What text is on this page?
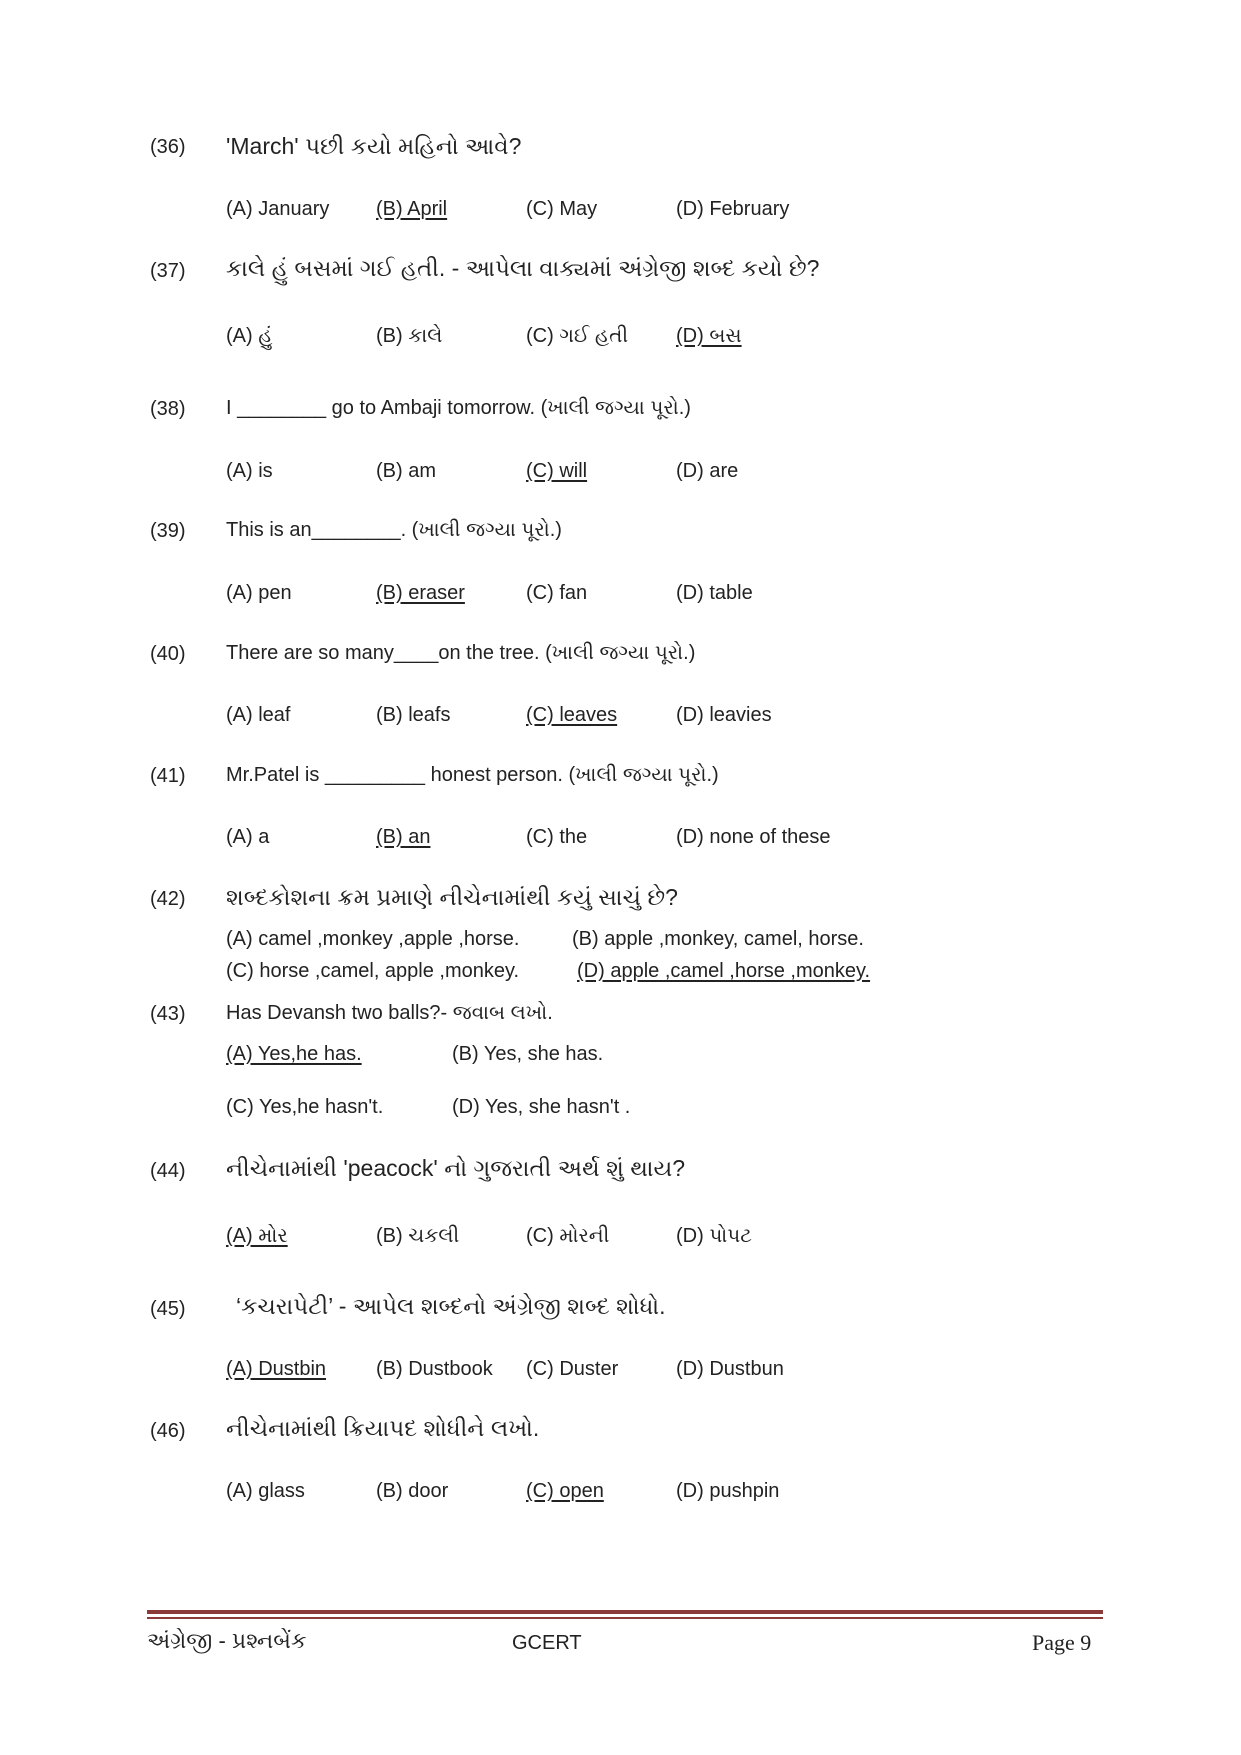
(36) 'March' પછી કયો મહિનો આવે?
(A) January (B) April	(C) May	(D) February
(37) કાલે હું બસમાં ગઈ હતી. - આપેલા વાક્યમાં અંગ્રેજી શબ્દ કયો છે?
(A) હું	(B) કાલે	(C) ગઈ હતી (D) બસ
(38) I ________ go to Ambaji tomorrow. (ખાલી જગ્યા પૂરો.)
(A) is	(B) am	(C) will	(D) are
(39) This is an________. (ખાલી જગ્યા પૂરો.)
(A) pen	(B) eraser	(C) fan	(D) table
(40) There are so many____on the tree. (ખાલી જગ્યા પૂરો.)
(A) leaf	(B) leafs	(C) leaves	(D) leavies
(41) Mr.Patel is _________ honest person. (ખાલી જગ્યા પૂરો.)
(A) a	(B) an	(C) the	(D) none of these
(42) શબ્દકોશના ક્રમ પ્રમાણે નીચેનામાંથી કયું સાચું છે?
(A) camel ,monkey ,apple ,horse.	(B) apple ,monkey, camel, horse.
(C) horse ,camel, apple ,monkey.	(D) apple ,camel ,horse ,monkey.
(43) Has Devansh two balls?- જવાબ લખો.
(A) Yes,he has.	(B) Yes, she has.
(C) Yes,he hasn't.	(D) Yes, she hasn't .
(44) નીચેનામાંથી 'peacock' નો ગુજરાતી અર્થ શું થાય?
(A) મોર	(B) ચકલી	(C) મોરની	(D) પોપટ
(45) ‘કચરાપેટી’ - આપેલ શબ્દનો અંગ્રેજી શબ્દ શોધો.
(A) Dustbin (B) Dustbook (C) Duster	(D) Dustbun
(46) નીચેનામાંથી ક્રિયાપદ શોધીને લખો.
(A) glass	(B) door	(C) open	(D) pushpin
અંગ્રેજી - પ્રશ્નબેંક	GCERT	Page 9
